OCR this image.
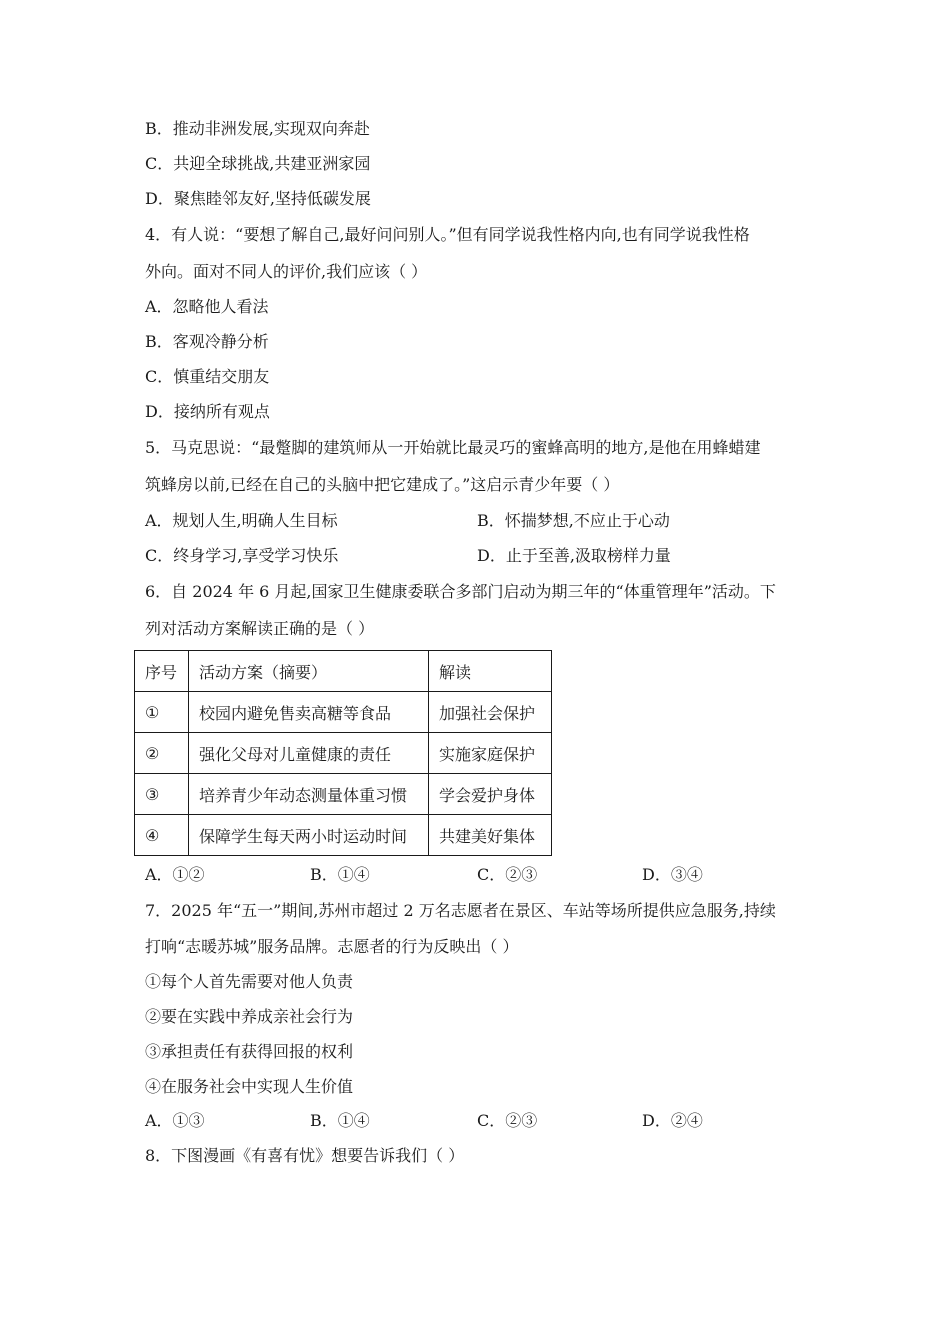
B．推动非洲发展,实现双向奔赴
C．共迎全球挑战,共建亚洲家园
D．聚焦睦邻友好,坚持低碳发展
4．有人说：“要想了解自己,最好问问别人。”但有同学说我性格内向,也有同学说我性格
外向。面对不同人的评价,我们应该（ ）
A．忽略他人看法
B．客观冷静分析
C．慎重结交朋友
D．接纳所有观点
5．马克思说：“最蹩脚的建筑师从一开始就比最灵巧的蜜蜂高明的地方,是他在用蜂蜡建
筑蜂房以前,已经在自己的头脑中把它建成了。”这启示青少年要（ ）
A．规划人生,明确人生目标	B．怀揣梦想,不应止于心动
C．终身学习,享受学习快乐	D．止于至善,汲取榜样力量
6．自 2024 年 6 月起,国家卫生健康委联合多部门启动为期三年的“体重管理年”活动。下
列对活动方案解读正确的是（ ）
序号	活动方案（摘要）	解读
①	校园内避免售卖高糖等食品	加强社会保护
②	强化父母对儿童健康的责任	实施家庭保护
③	培养青少年动态测量体重习惯	学会爱护身体
④	保障学生每天两小时运动时间	共建美好集体
A．①②	B．①④	C．②③	D．③④
7．2025 年“五一”期间,苏州市超过 2 万名志愿者在景区、车站等场所提供应急服务,持续
打响“志暖苏城”服务品牌。志愿者的行为反映出（ ）
①每个人首先需要对他人负责
②要在实践中养成亲社会行为
③承担责任有获得回报的权利
④在服务社会中实现人生价值
A．①③	B．①④	C．②③	D．②④
8．下图漫画《有喜有忧》想要告诉我们（ ）
